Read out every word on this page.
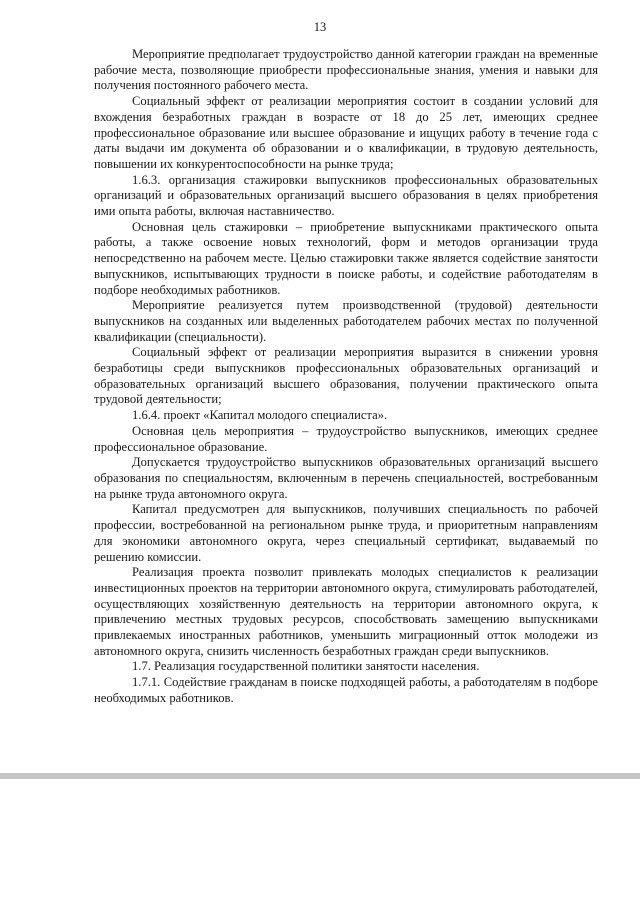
13

Мероприятие предполагает трудоустройство данной категории граждан на временные рабочие места, позволяющие приобрести профессиональные знания, умения и навыки для получения постоянного рабочего места.

Социальный эффект от реализации мероприятия состоит в создании условий для вхождения безработных граждан в возрасте от 18 до 25 лет, имеющих среднее профессиональное образование или высшее образование и ищущих работу в течение года с даты выдачи им документа об образовании и о квалификации, в трудовую деятельность, повышении их конкурентоспособности на рынке труда;

1.6.3. организация стажировки выпускников профессиональных образовательных организаций и образовательных организаций высшего образования в целях приобретения ими опыта работы, включая наставничество.

Основная цель стажировки – приобретение выпускниками практического опыта работы, а также освоение новых технологий, форм и методов организации труда непосредственно на рабочем месте. Целью стажировки также является содействие занятости выпускников, испытывающих трудности в поиске работы, и содействие работодателям в подборе необходимых работников.

Мероприятие реализуется путем производственной (трудовой) деятельности выпускников на созданных или выделенных работодателем рабочих местах по полученной квалификации (специальности).

Социальный эффект от реализации мероприятия выразится в снижении уровня безработицы среди выпускников профессиональных образовательных организаций и образовательных организаций высшего образования, получении практического опыта трудовой деятельности;

1.6.4. проект «Капитал молодого специалиста».

Основная цель мероприятия – трудоустройство выпускников, имеющих среднее профессиональное образование.

Допускается трудоустройство выпускников образовательных организаций высшего образования по специальностям, включенным в перечень специальностей, востребованным на рынке труда автономного округа.

Капитал предусмотрен для выпускников, получивших специальность по рабочей профессии, востребованной на региональном рынке труда, и приоритетным направлениям для экономики автономного округа, через специальный сертификат, выдаваемый по решению комиссии.

Реализация проекта позволит привлекать молодых специалистов к реализации инвестиционных проектов на территории автономного округа, стимулировать работодателей, осуществляющих хозяйственную деятельность на территории автономного округа, к привлечению местных трудовых ресурсов, способствовать замещению выпускниками привлекаемых иностранных работников, уменьшить миграционный отток молодежи из автономного округа, снизить численность безработных граждан среди выпускников.

1.7. Реализация государственной политики занятости населения.

1.7.1. Содействие гражданам в поиске подходящей работы, а работодателям в подборе необходимых работников.
